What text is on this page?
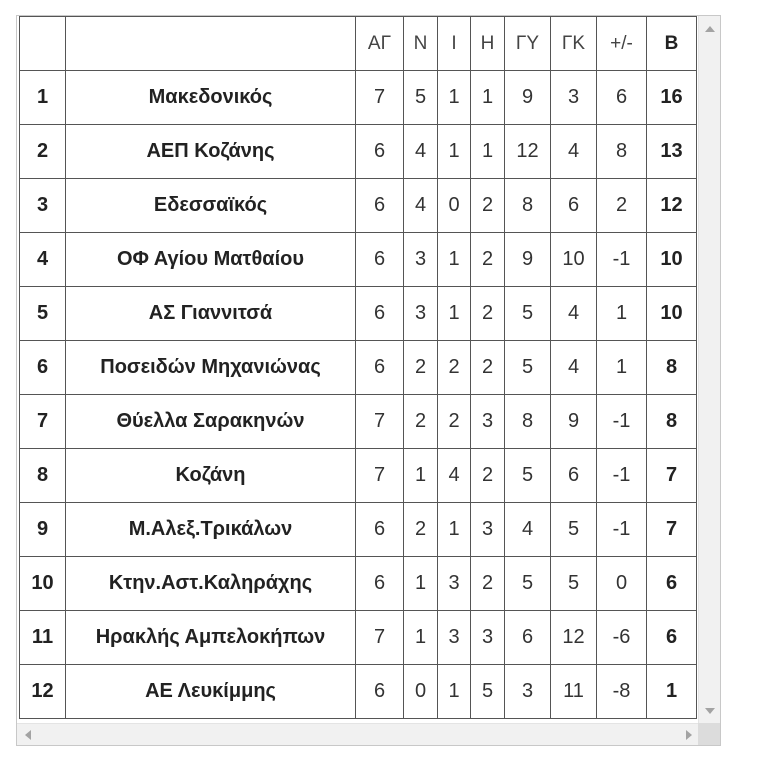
		ΑΓ	Ν	Ι	Η	ΓΥ	ΓΚ	+/-	Β
1	Μακεδονικός	7	5	1	1	9	3	6	16
2	ΑΕΠ Κοζάνης	6	4	1	1	12	4	8	13
3	Εδεσσαϊκός	6	4	0	2	8	6	2	12
4	ΟΦ Αγίου Ματθαίου	6	3	1	2	9	10	-1	10
5	ΑΣ Γιαννιτσά	6	3	1	2	5	4	1	10
6	Ποσειδών Μηχανιώνας	6	2	2	2	5	4	1	8
7	Θύελλα Σαρακηνών	7	2	2	3	8	9	-1	8
8	Κοζάνη	7	1	4	2	5	6	-1	7
9	Μ.Αλεξ.Τρικάλων	6	2	1	3	4	5	-1	7
10	Κτην.Αστ.Καληράχης	6	1	3	2	5	5	0	6
11	Ηρακλής Αμπελοκήπων	7	1	3	3	6	12	-6	6
12	ΑΕ Λευκίμμης	6	0	1	5	3	11	-8	1
